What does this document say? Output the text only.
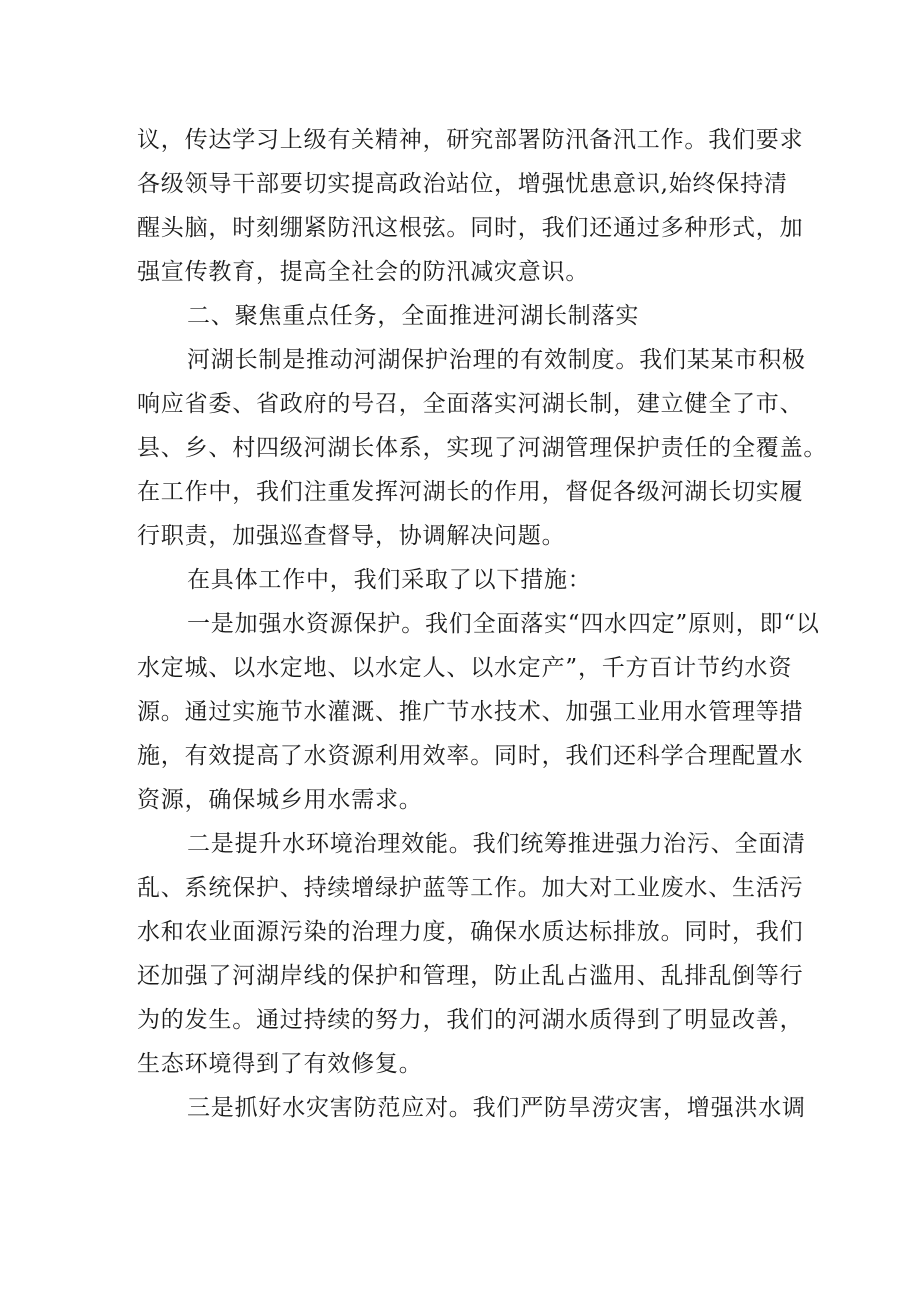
议，传达学习上级有关精神，研究部署防汛备汛工作。我们要求
各级领导干部要切实提高政治站位，增强忧患意识,始终保持清
醒头脑，时刻绷紧防汛这根弦。同时，我们还通过多种形式，加
强宣传教育，提高全社会的防汛减灾意识。
二、聚焦重点任务，全面推进河湖长制落实
河湖长制是推动河湖保护治理的有效制度。我们某某市积极
响应省委、省政府的号召，全面落实河湖长制，建立健全了市、
县、乡、村四级河湖长体系，实现了河湖管理保护责任的全覆盖。
在工作中，我们注重发挥河湖长的作用，督促各级河湖长切实履
行职责，加强巡查督导，协调解决问题。
在具体工作中，我们采取了以下措施：
一是加强水资源保护。我们全面落实“四水四定”原则，即“以
水定城、以水定地、以水定人、以水定产”，千方百计节约水资
源。通过实施节水灌溉、推广节水技术、加强工业用水管理等措
施，有效提高了水资源利用效率。同时，我们还科学合理配置水
资源，确保城乡用水需求。
二是提升水环境治理效能。我们统筹推进强力治污、全面清
乱、系统保护、持续增绿护蓝等工作。加大对工业废水、生活污
水和农业面源污染的治理力度，确保水质达标排放。同时，我们
还加强了河湖岸线的保护和管理，防止乱占滥用、乱排乱倒等行
为的发生。通过持续的努力，我们的河湖水质得到了明显改善，
生态环境得到了有效修复。
三是抓好水灾害防范应对。我们严防旱涝灾害，增强洪水调
